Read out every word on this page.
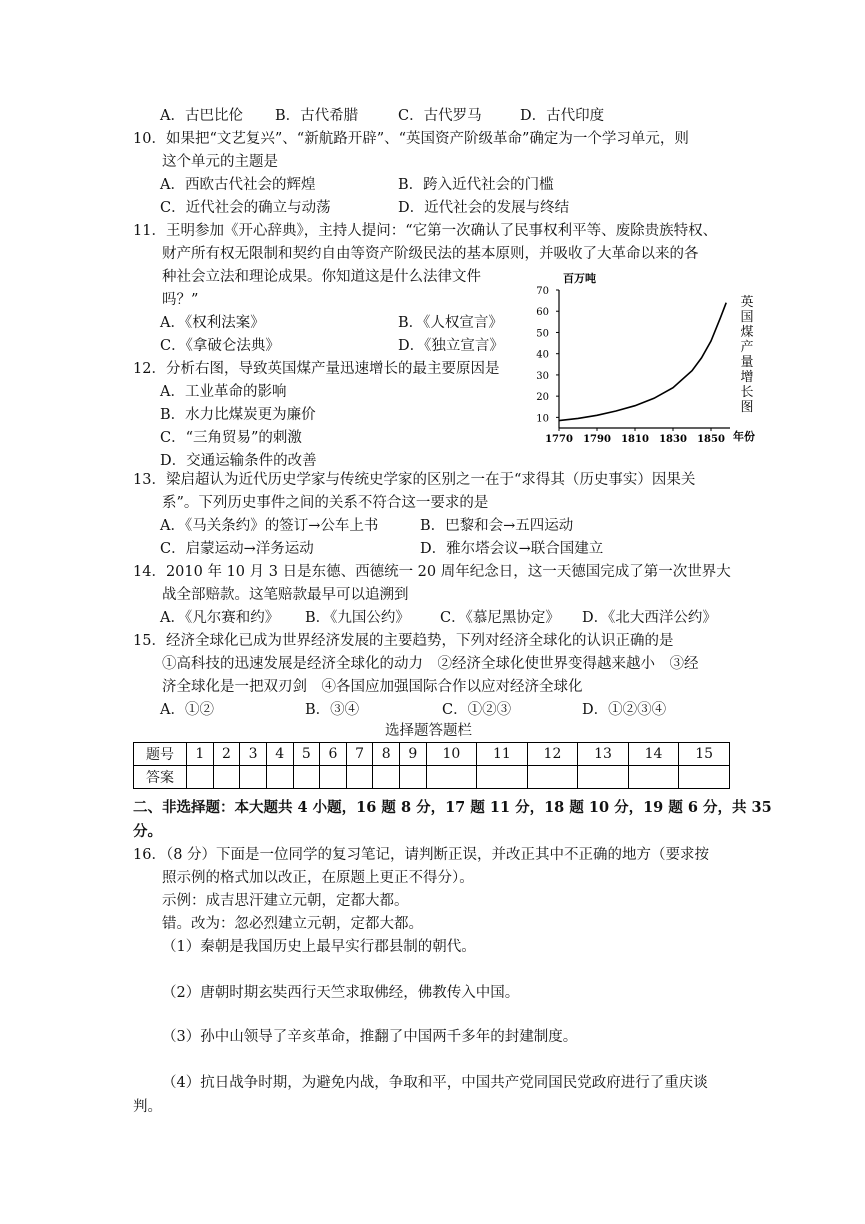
A．古巴比伦 B．古代希腊	C．古代罗马	D．古代印度
10．如果把“文艺复兴”、“新航路开辟”、“英国资产阶级革命”确定为一个学习单元，则
这个单元的主题是
A．西欧古代社会的辉煌	B．跨入近代社会的门槛
C．近代社会的确立与动荡	D．近代社会的发展与终结
11．王明参加《开心辞典》，主持人提问：“它第一次确认了民事权利平等、废除贵族特权、
财产所有权无限制和契约自由等资产阶级民法的基本原则，并吸收了大革命以来的各
种社会立法和理论成果。你知道这是什么法律文件
吗？”
A．《权利法案》	B．《人权宣言》
C．《拿破仑法典》	D．《独立宣言》
12．分析右图，导致英国煤产量迅速增长的最主要原因是
A．工业革命的影响
B．水力比煤炭更为廉价
C．“三角贸易”的刺激
D．交通运输条件的改善
百万吨
10
20
30
40
50
60
70
1770 1790 1810 1830 1850 年份
英
国
煤
产
量
增
长
图
13．梁启超认为近代历史学家与传统史学家的区别之一在于“求得其（历史事实）因果关
系”。下列历史事件之间的关系不符合这一要求的是
A．《马关条约》的签订→公车上书	B．巴黎和会→五四运动
C．启蒙运动→洋务运动	D．雅尔塔会议→联合国建立
14．2010 年 10 月 3 日是东德、西德统一 20 周年纪念日，这一天德国完成了第一次世界大
战全部赔款。这笔赔款最早可以追溯到
A．《凡尔赛和约》 B．《九国公约》 C．《慕尼黑协定》 D．《北大西洋公约》
15．经济全球化已成为世界经济发展的主要趋势，下列对经济全球化的认识正确的是
①高科技的迅速发展是经济全球化的动力　②经济全球化使世界变得越来越小　③经
济全球化是一把双刃剑　④各国应加强国际合作以应对经济全球化
A．①②	B．③④	C．①②③	D．①②③④
选择题答题栏
题号	1	2	3	4	5	6	7	8	9	10	11	12	13	14	15
答案															
二、非选择题：本大题共 4 小题，16 题 8 分，17 题 11 分，18 题 10 分，19 题 6 分，共 35
分。
16．（8 分）下面是一位同学的复习笔记，请判断正误，并改正其中不正确的地方（要求按
照示例的格式加以改正，在原题上更正不得分）。
示例：成吉思汗建立元朝，定都大都。
错。改为：忽必烈建立元朝，定都大都。
（1）秦朝是我国历史上最早实行郡县制的朝代。
（2）唐朝时期玄奘西行天竺求取佛经，佛教传入中国。
（3）孙中山领导了辛亥革命，推翻了中国两千多年的封建制度。
（4）抗日战争时期，为避免内战，争取和平，中国共产党同国民党政府进行了重庆谈
判。
